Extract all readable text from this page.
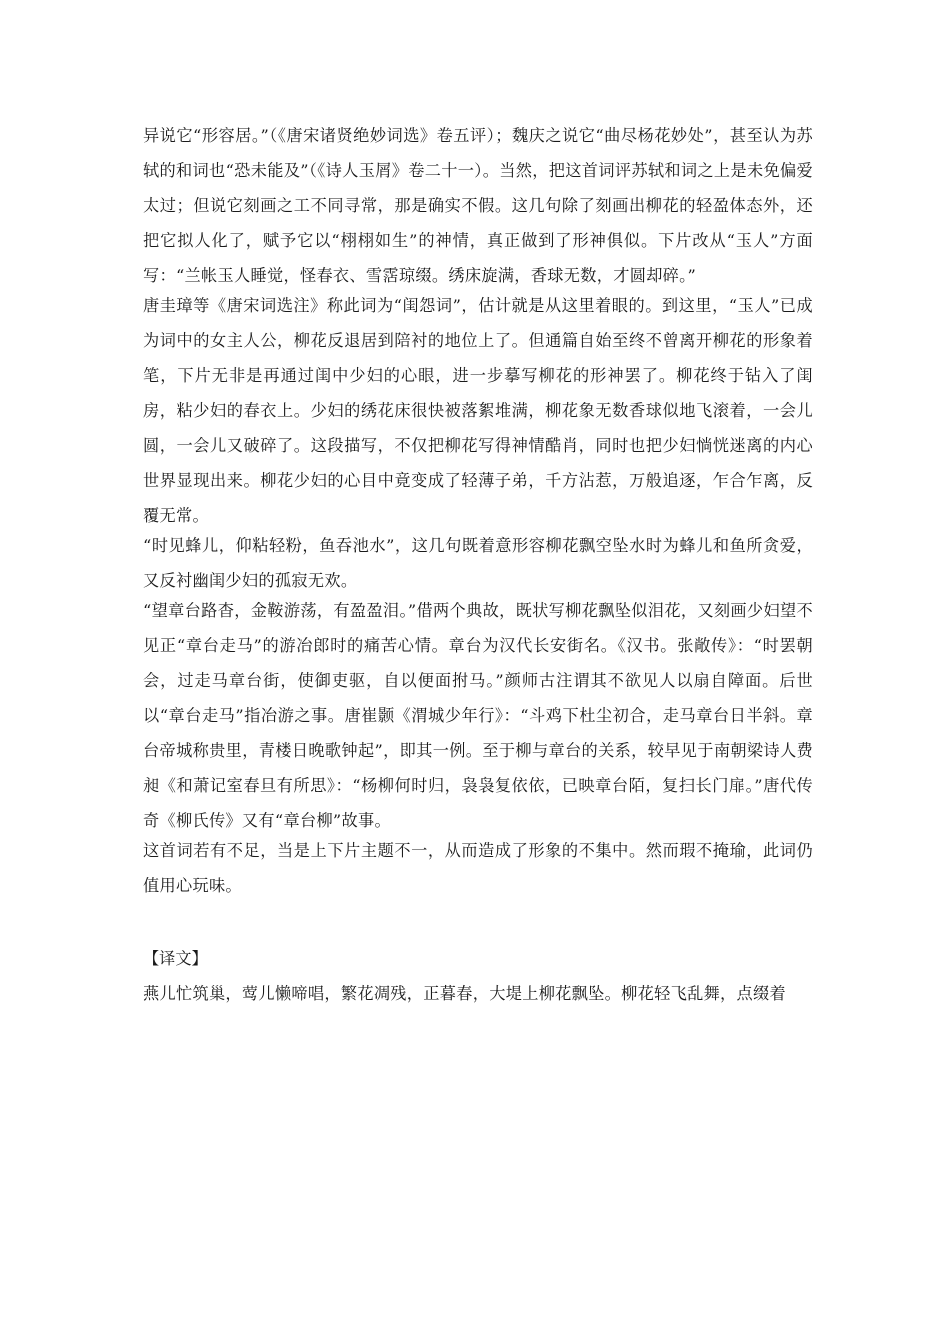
异说它“形容居。”（《唐宋诸贤绝妙词选》卷五评）；魏庆之说它“曲尽杨花妙处”，甚至认为苏轼的和词也“恐未能及”（《诗人玉屑》卷二十一）。当然，把这首词评苏轼和词之上是未免偏爱太过；但说它刻画之工不同寻常，那是确实不假。这几句除了刻画出柳花的轻盈体态外，还把它拟人化了，赋予它以“栩栩如生”的神情，真正做到了形神俱似。下片改从“玉人”方面写：“兰帐玉人睡觉，怪春衣、雪霑琼缀。绣床旋满，香球无数，才圆却碎。”

唐圭璋等《唐宋词选注》称此词为“闺怨词”，估计就是从这里着眼的。到这里，“玉人”已成为词中的女主人公，柳花反退居到陪衬的地位上了。但通篇自始至终不曾离开柳花的形象着笔，下片无非是再通过闺中少妇的心眼，进一步摹写柳花的形神罢了。柳花终于钻入了闺房，粘少妇的春衣上。少妇的绣花床很快被落絮堆满，柳花象无数香球似地飞滚着，一会儿圆，一会儿又破碎了。这段描写，不仅把柳花写得神情酷肖，同时也把少妇惝恍迷离的内心世界显现出来。柳花少妇的心目中竟变成了轻薄子弟，千方沾惹，万般追逐，乍合乍离，反覆无常。

“时见蜂儿，仰粘轻粉，鱼吞池水”，这几句既着意形容柳花飘空坠水时为蜂儿和鱼所贪爱，又反衬幽闺少妇的孤寂无欢。

“望章台路杳，金鞍游荡，有盈盈泪。”借两个典故，既状写柳花飘坠似泪花，又刻画少妇望不见正“章台走马”的游冶郎时的痛苦心情。章台为汉代长安街名。《汉书。张敞传》：“时罢朝会，过走马章台街，使御吏驱，自以便面拊马。”颜师古注谓其不欲见人以扇自障面。后世以“章台走马”指冶游之事。唐崔颢《渭城少年行》：“斗鸡下杜尘初合，走马章台日半斜。章台帝城称贵里，青楼日晚歌钟起”，即其一例。至于柳与章台的关系，较早见于南朝梁诗人费昶《和萧记室春旦有所思》：“杨柳何时归，袅袅复依依，已映章台陌，复扫长门扉。”唐代传奇《柳氏传》又有“章台柳”故事。

这首词若有不足，当是上下片主题不一，从而造成了形象的不集中。然而瑕不掩瑜，此词仍值用心玩味。

【译文】

燕儿忙筑巢，莺儿懒啼唱，繁花凋残，正暮春，大堤上柳花飘坠。柳花轻飞乱舞，点缀着
